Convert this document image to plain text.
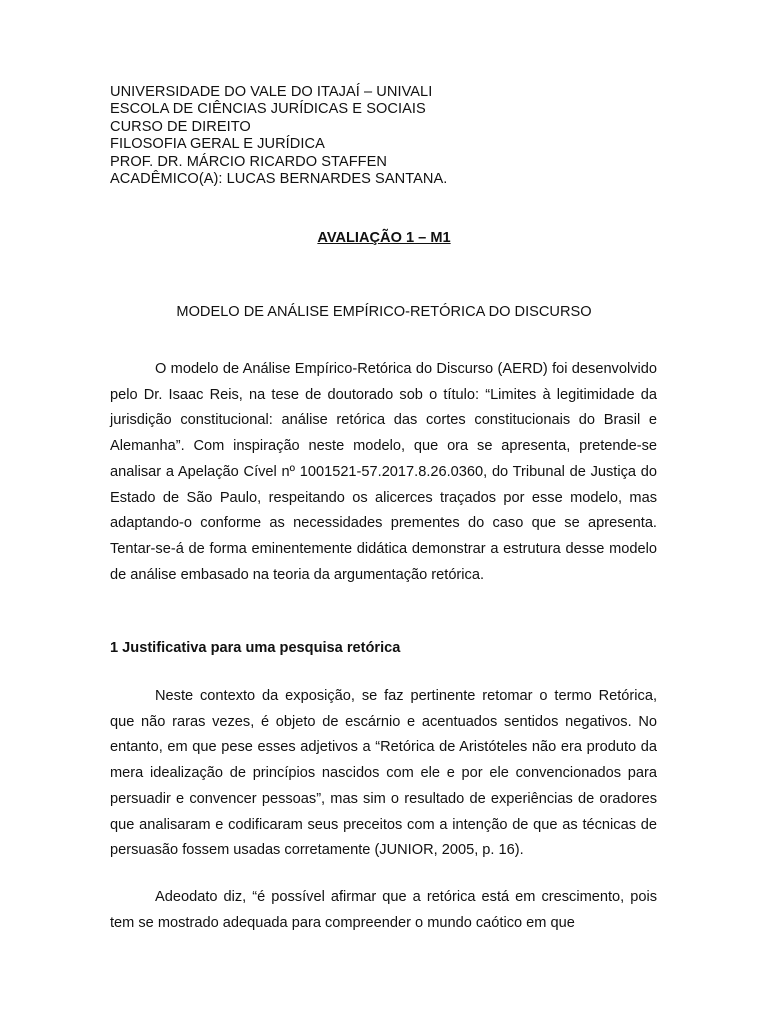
UNIVERSIDADE DO VALE DO ITAJAÍ – UNIVALI
ESCOLA DE CIÊNCIAS JURÍDICAS E SOCIAIS
CURSO DE DIREITO
FILOSOFIA GERAL E JURÍDICA
PROF. DR. MÁRCIO RICARDO STAFFEN
ACADÊMICO(A): LUCAS BERNARDES SANTANA.
AVALIAÇÃO 1 – M1
MODELO DE ANÁLISE EMPÍRICO-RETÓRICA DO DISCURSO

O modelo de Análise Empírico-Retórica do Discurso (AERD) foi desenvolvido pelo Dr. Isaac Reis, na tese de doutorado sob o título: “Limites à legitimidade da jurisdição constitucional: análise retórica das cortes constitucionais do Brasil e Alemanha”. Com inspiração neste modelo, que ora se apresenta, pretende-se analisar a Apelação Cível nº 1001521-57.2017.8.26.0360, do Tribunal de Justiça do Estado de São Paulo, respeitando os alicerces traçados por esse modelo, mas adaptando-o conforme as necessidades prementes do caso que se apresenta. Tentar-se-á de forma eminentemente didática demonstrar a estrutura desse modelo de análise embasado na teoria da argumentação retórica.

1 Justificativa para uma pesquisa retórica

Neste contexto da exposição, se faz pertinente retomar o termo Retórica, que não raras vezes, é objeto de escárnio e acentuados sentidos negativos. No entanto, em que pese esses adjetivos a “Retórica de Aristóteles não era produto da mera idealização de princípios nascidos com ele e por ele convencionados para persuadir e convencer pessoas”, mas sim o resultado de experiências de oradores que analisaram e codificaram seus preceitos com a intenção de que as técnicas de persuasão fossem usadas corretamente (JUNIOR, 2005, p. 16).

Adeodato diz, “é possível afirmar que a retórica está em crescimento, pois tem se mostrado adequada para compreender o mundo caótico em que
